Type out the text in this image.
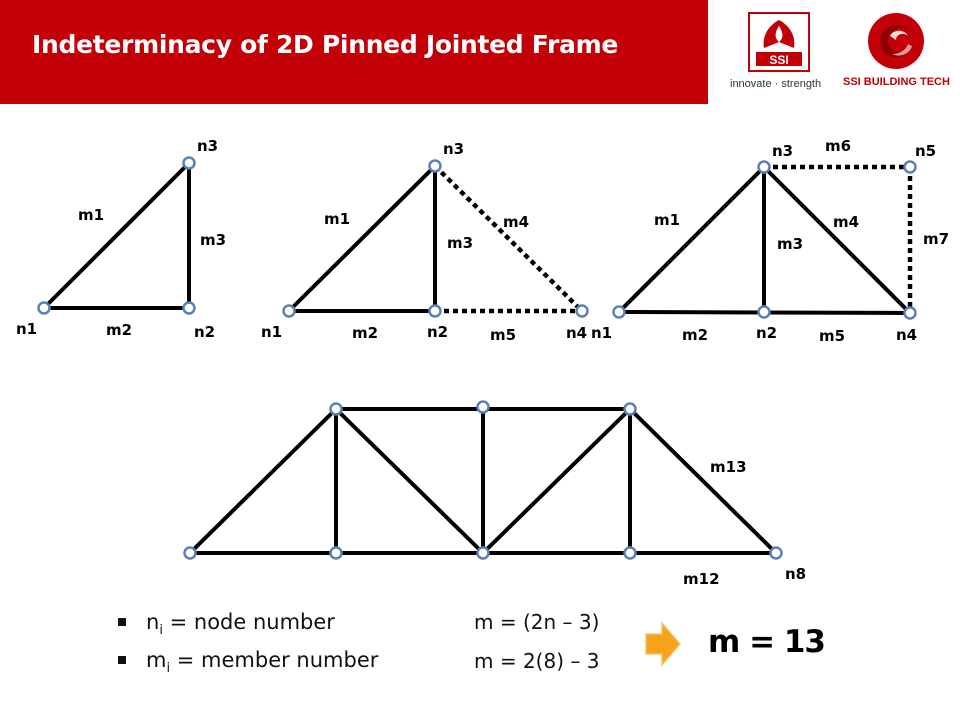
Indeterminacy of 2D Pinned Jointed Frame
SSI
innovate · strength SSI BUILDING TECH
n3
m1
m3
n1	m2	n2
n3
m1
m3
m4
n1	m2	n2	m5	n4
n3 m6	n5
m1	m4
m3	m7
n1	m2	n2	m5	n4
m13
m12	n8
$n_i$ = node number
$m_i$ = member number
m = (2n – 3)
m = 2(8) – 3
m = 13
